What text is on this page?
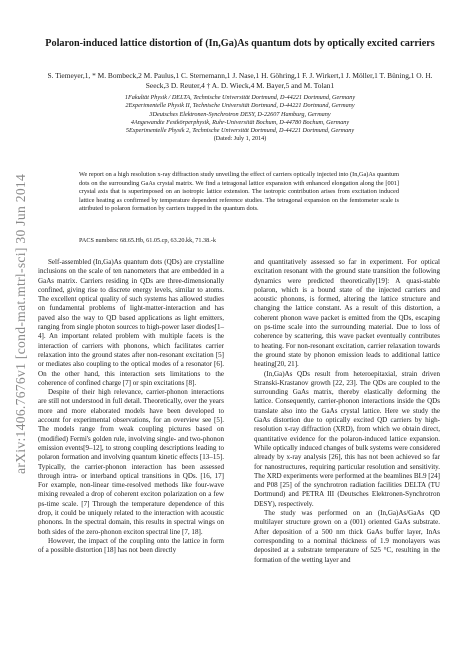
arXiv:1406.7676v1 [cond-mat.mtrl-sci] 30 Jun 2014
Polaron-induced lattice distortion of (In,Ga)As quantum dots by optically excited carriers
S. Tiemeyer,1, * M. Bombeck,2 M. Paulus,1 C. Sternemann,1 J. Nase,1 H. Göhring,1 F. J. Wirkert,1 J. Möller,1 T. Büning,1 O. H. Seeck,3 D. Reuter,4 † A. D. Wieck,4 M. Bayer,5 and M. Tolan1
1Fakultät Physik / DELTA, Technische Universität Dortmund, D-44221 Dortmund, Germany
2Experimentelle Physik II, Technische Universität Dortmund, D-44221 Dortmund, Germany
3Deutsches Elektronen-Synchrotron DESY, D-22607 Hamburg, Germany
4Angewandte Festkörperphysik, Ruhr-Universität Bochum, D-44780 Bochum, Germany
5Experimentelle Physik 2, Technische Universität Dortmund, D-44221 Dortmund, Germany
(Dated: July 1, 2014)
We report on a high resolution x-ray diffraction study unveiling the effect of carriers optically injected into (In,Ga)As quantum dots on the surrounding GaAs crystal matrix. We find a tetragonal lattice expansion with enhanced elongation along the [001] crystal axis that is superimposed on an isotropic lattice extension. The isotropic contribution arises from excitation induced lattice heating as confirmed by temperature dependent reference studies. The tetragonal expansion on the femtometer scale is attributed to polaron formation by carriers trapped in the quantum dots.
PACS numbers: 68.65.Hb, 61.05.cp, 63.20.kk, 71.38.-k

Self-assembled (In,Ga)As quantum dots (QDs) are crystalline inclusions on the scale of ten nanometers that are embedded in a GaAs matrix. Carriers residing in QDs are three-dimensionally confined, giving rise to discrete energy levels, similar to atoms. The excellent optical quality of such systems has allowed studies on fundamental problems of light-matter-interaction and has paved also the way to QD based applications as light emitters, ranging from single photon sources to high-power laser diodes[1–4]. An important related problem with multiple facets is the interaction of carriers with phonons, which facilitates carrier relaxation into the ground states after non-resonant excitation [5] or mediates also coupling to the optical modes of a resonator [6]. On the other hand, this interaction sets limitations to the coherence of confined charge [7] or spin excitations [8].

Despite of their high relevance, carrier-phonon interactions are still not understood in full detail. Theoretically, over the years more and more elaborated models have been developed to account for experimental observations, for an overview see [5]. The models range from weak coupling pictures based on (modified) Fermi's golden rule, involving single- and two-phonon emission events[9–12], to strong coupling descriptions leading to polaron formation and involving quantum kinetic effects [13–15]. Typically, the carrier-phonon interaction has been assessed through intra- or interband optical transitions in QDs. [16, 17] For example, non-linear time-resolved methods like four-wave mixing revealed a drop of coherent exciton polarization on a few ps-time scale. [7] Through the temperature dependence of this drop, it could be uniquely related to the interaction with acoustic phonons. In the spectral domain, this results in spectral wings on both sides of the zero-phonon exciton spectral line [7, 18].

However, the impact of the coupling onto the lattice in form of a possible distortion [18] has not been directly

and quantitatively assessed so far in experiment. For optical excitation resonant with the ground state transition the following dynamics were predicted theoretically[19]: A quasi-stable polaron, which is a bound state of the injected carriers and acoustic phonons, is formed, altering the lattice structure and changing the lattice constant. As a result of this distortion, a coherent phonon wave packet is emitted from the QDs, escaping on ps-time scale into the surrounding material. Due to loss of coherence by scattering, this wave packet eventually contributes to heating. For non-resonant excitation, carrier relaxation towards the ground state by phonon emission leads to additional lattice heating[20, 21].

(In,Ga)As QDs result from heteroepitaxial, strain driven Stranski-Krastanov growth [22, 23]. The QDs are coupled to the surrounding GaAs matrix, thereby elastically deforming the lattice. Consequently, carrier-phonon interactions inside the QDs translate also into the GaAs crystal lattice. Here we study the GaAs distortion due to optically excited QD carriers by high-resolution x-ray diffraction (XRD), from which we obtain direct, quantitative evidence for the polaron-induced lattice expansion. While optically induced changes of bulk systems were considered already by x-ray analysis [26], this has not been achieved so far for nanostructures, requiring particular resolution and sensitivity. The XRD experiments were performed at the beamlines BL9 [24] and P08 [25] of the synchrotron radiation facilities DELTA (TU Dortmund) and PETRA III (Deutsches Elektronen-Synchrotron DESY), respectively.

The study was performed on an (In,Ga)As/GaAs QD multilayer structure grown on a (001) oriented GaAs substrate. After deposition of a 500 nm thick GaAs buffer layer, InAs corresponding to a nominal thickness of 1.9 monolayers was deposited at a substrate temperature of 525 °C, resulting in the formation of the wetting layer and
